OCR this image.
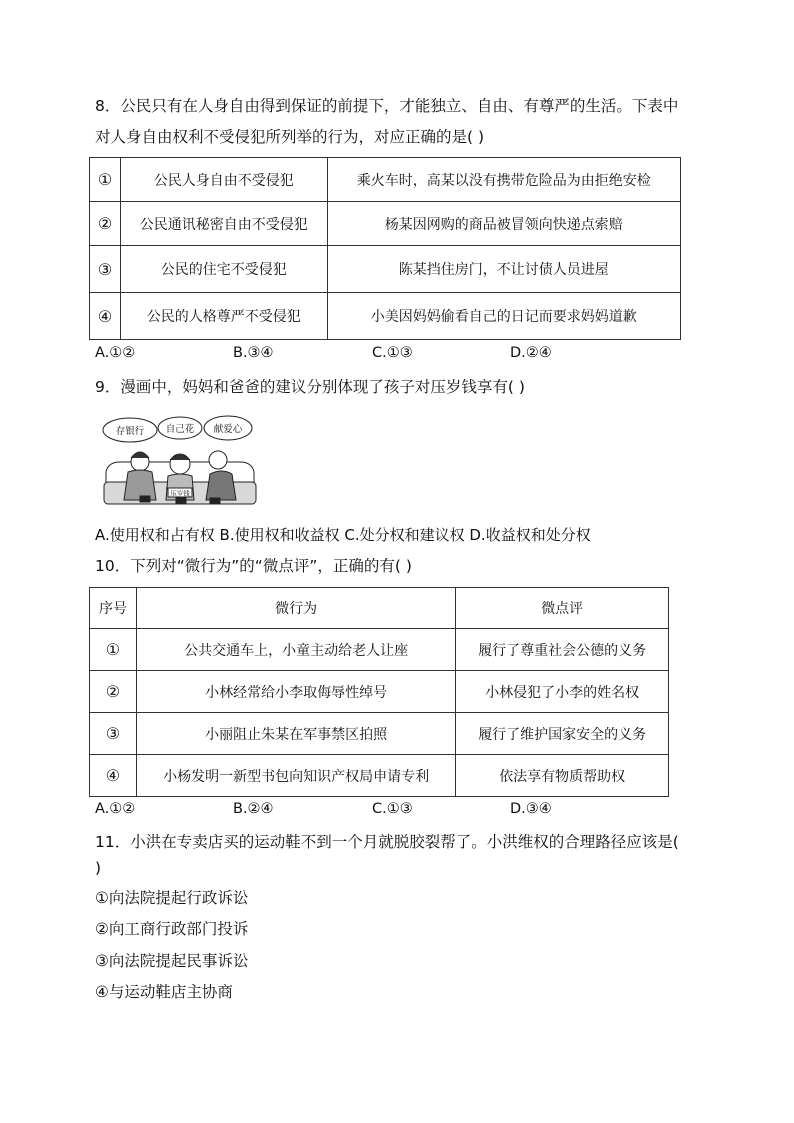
8．公民只有在人身自由得到保证的前提下，才能独立、自由、有尊严的生活。下表中
对人身自由权利不受侵犯所列举的行为，对应正确的是( )
①	公民人身自由不受侵犯	乘火车时，高某以没有携带危险品为由拒绝安检
②	公民通讯秘密自由不受侵犯	杨某因网购的商品被冒领向快递点索赔
③	公民的住宅不受侵犯	陈某挡住房门，不让讨债人员进屋
④	公民的人格尊严不受侵犯	小美因妈妈偷看自己的日记而要求妈妈道歉
A.①②	B.③④	C.①③	D.②④
9．漫画中，妈妈和爸爸的建议分别体现了孩子对压岁钱享有( )
存银行 自己花 献爱心
压岁钱
A.使用权和占有权 B.使用权和收益权 C.处分权和建议权 D.收益权和处分权
10．下列对“微行为”的“微点评”，正确的有( )
序号	微行为	微点评
①	公共交通车上，小童主动给老人让座	履行了尊重社会公德的义务
②	小林经常给小李取侮辱性绰号	小林侵犯了小李的姓名权
③	小丽阻止朱某在军事禁区拍照	履行了维护国家安全的义务
④	小杨发明一新型书包向知识产权局申请专利	依法享有物质帮助权
A.①②	B.②④	C.①③	D.③④
11．小洪在专卖店买的运动鞋不到一个月就脱胶裂帮了。小洪维权的合理路径应该是(
)
①向法院提起行政诉讼
②向工商行政部门投诉
③向法院提起民事诉讼
④与运动鞋店主协商
